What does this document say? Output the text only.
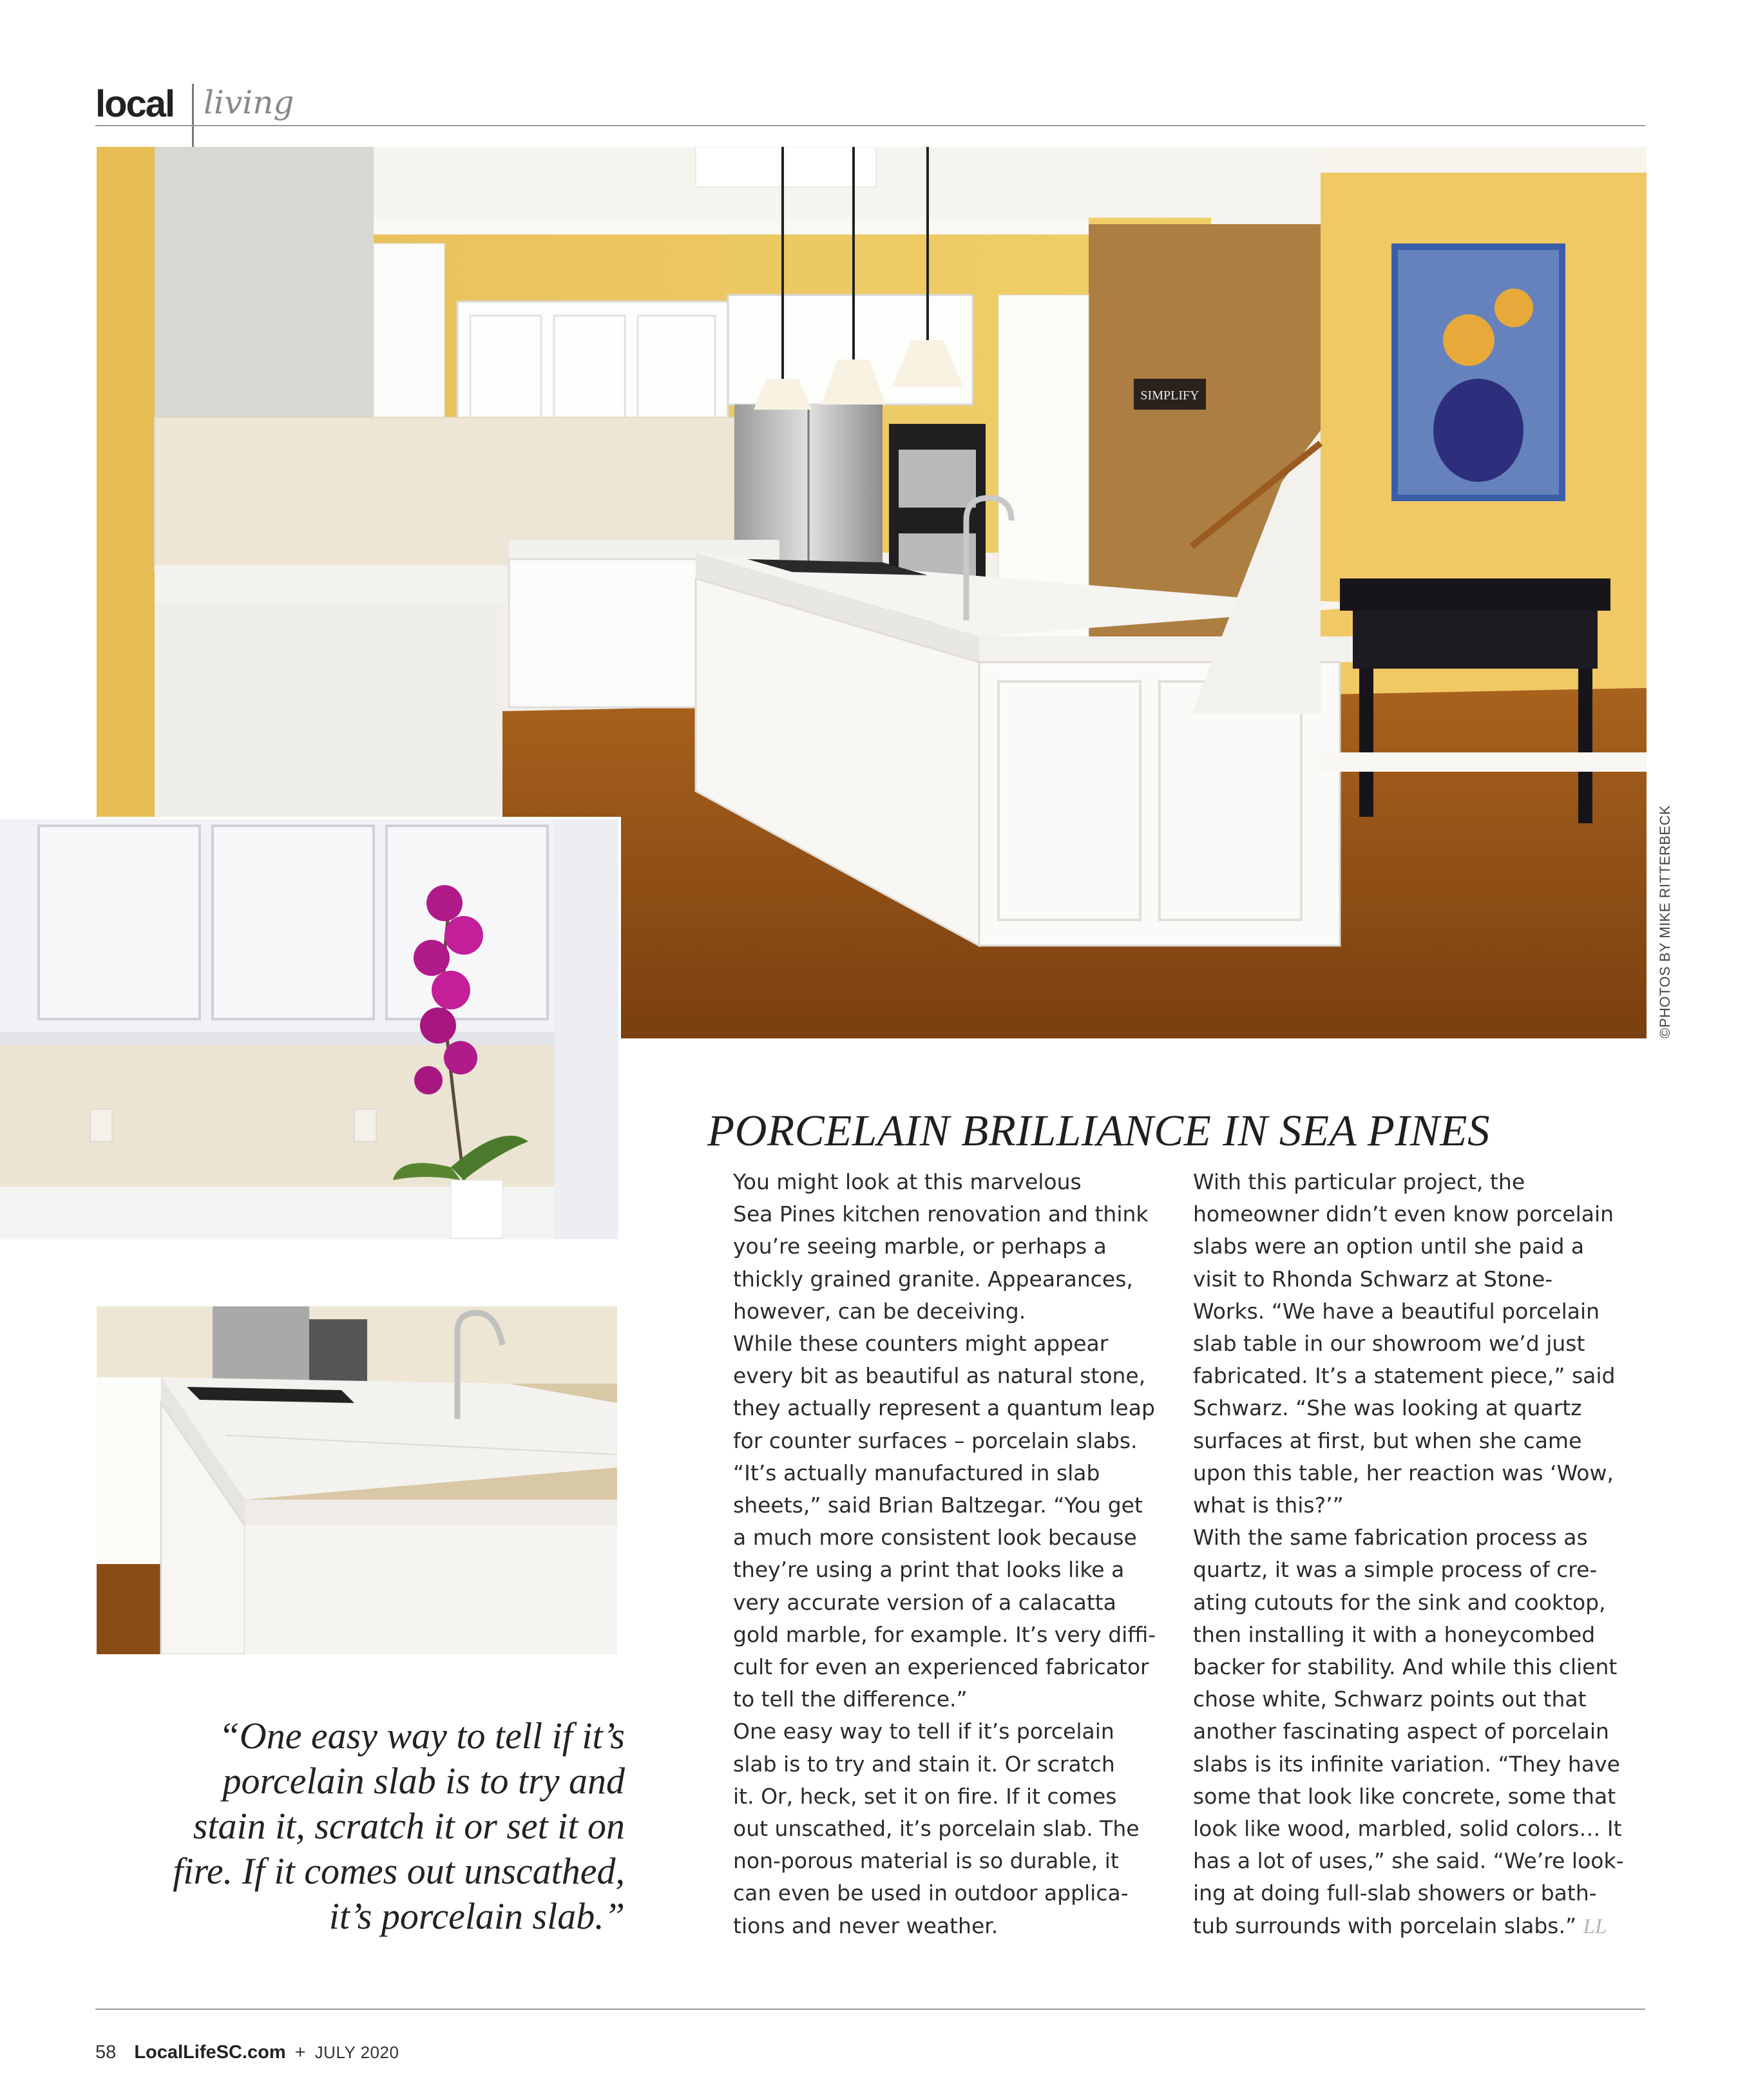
local living
SIMPLIFY
©PHOTOS BY MIKE RITTERBECK
PORCELAIN BRILLIANCE IN SEA PINES

You might look at this marvelous
Sea Pines kitchen renovation and think
you’re seeing marble, or perhaps a
thickly grained granite. Appearances,
however, can be deceiving.

While these counters might appear
every bit as beautiful as natural stone,
they actually represent a quantum leap
for counter surfaces – porcelain slabs.

“It’s actually manufactured in slab
sheets,” said Brian Baltzegar. “You get
a much more consistent look because
they’re using a print that looks like a
very accurate version of a calacatta
gold marble, for example. It’s very diffi-
cult for even an experienced fabricator
to tell the difference.”

One easy way to tell if it’s porcelain
slab is to try and stain it. Or scratch
it. Or, heck, set it on fire. If it comes
out unscathed, it’s porcelain slab. The
non-porous material is so durable, it
can even be used in outdoor applica-
tions and never weather.

With this particular project, the
homeowner didn’t even know porcelain
slabs were an option until she paid a
visit to Rhonda Schwarz at Stone-
Works. “We have a beautiful porcelain
slab table in our showroom we’d just
fabricated. It’s a statement piece,” said
Schwarz. “She was looking at quartz
surfaces at first, but when she came
upon this table, her reaction was ‘Wow,
what is this?’”

With the same fabrication process as
quartz, it was a simple process of cre-
ating cutouts for the sink and cooktop,
then installing it with a honeycombed
backer for stability. And while this client
chose white, Schwarz points out that
another fascinating aspect of porcelain
slabs is its infinite variation. “They have
some that look like concrete, some that
look like wood, marbled, solid colors… It
has a lot of uses,” she said. “We’re look-
ing at doing full-slab showers or bath-
tub surrounds with porcelain slabs.” LL

“One easy way to tell if it’s
porcelain slab is to try and
stain it, scratch it or set it on
fire. If it comes out unscathed,
it’s porcelain slab.”
58 LocalLifeSC.com + JULY 2020
